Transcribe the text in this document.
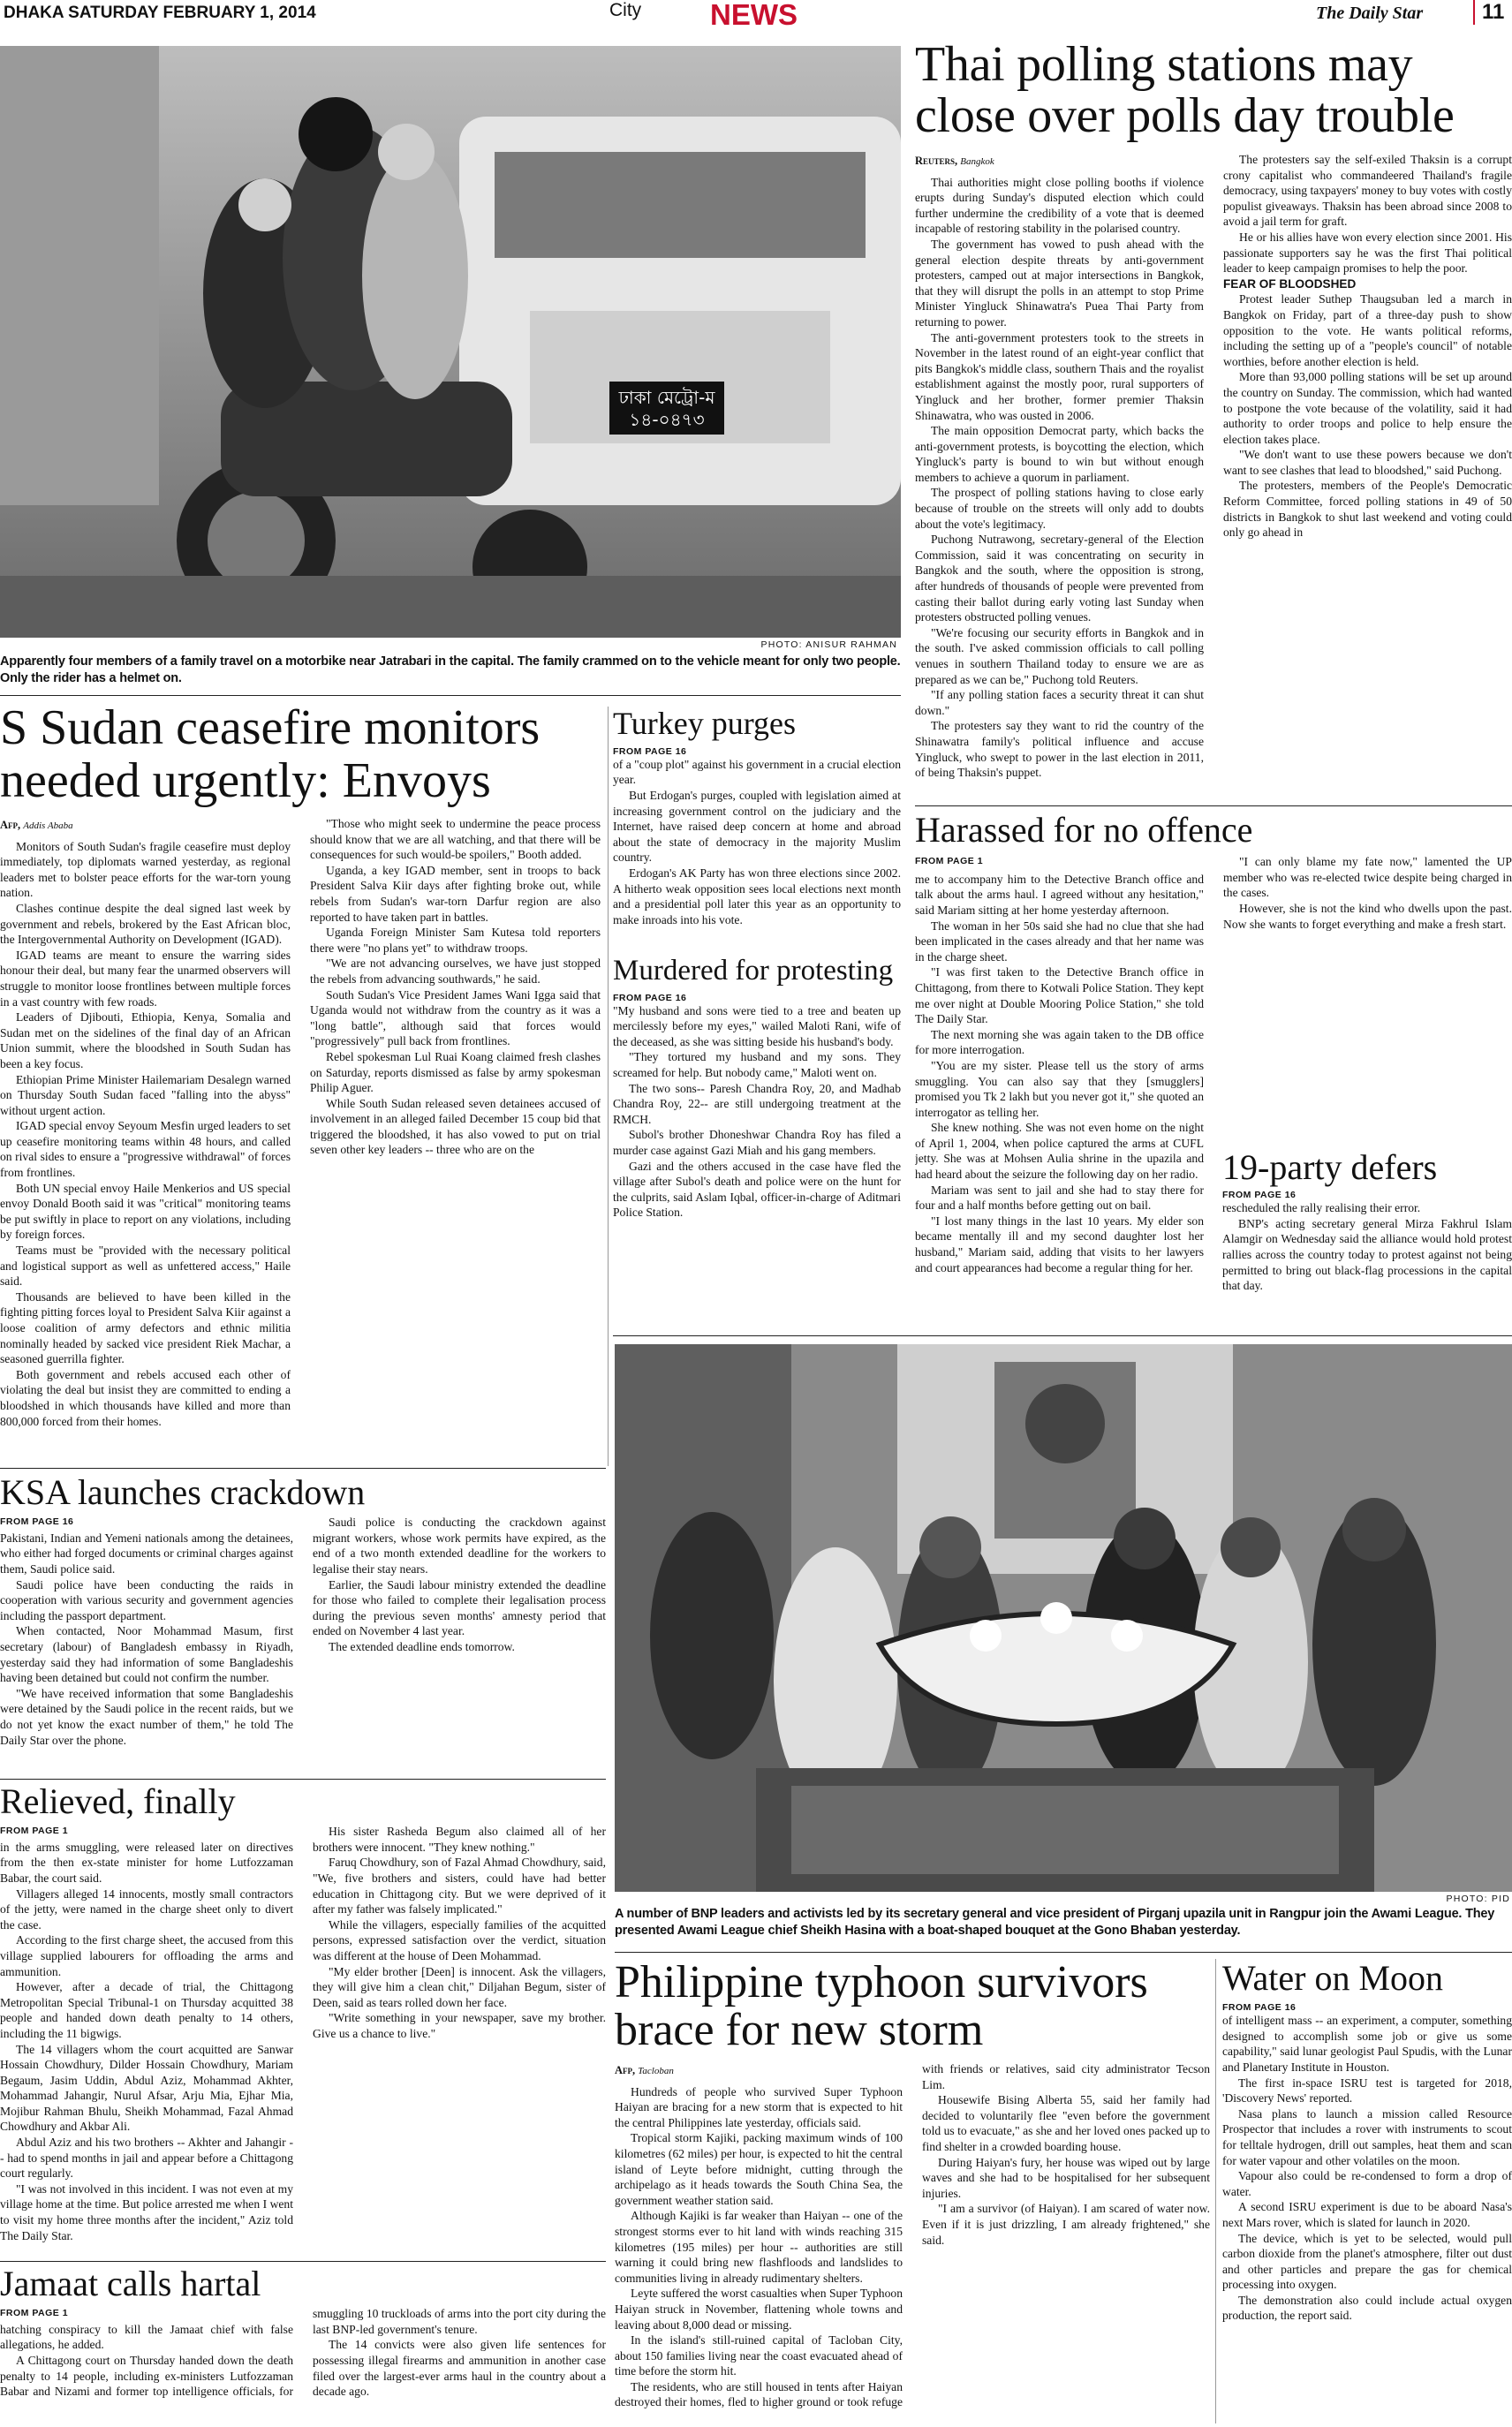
DHAKA SATURDAY FEBRUARY 1, 2014	City NEWS	The Daily Star	11
ঢাকা মেট্রো-ম
১৪-০৪৭৩
PHOTO: ANISUR RAHMAN
Apparently four members of a family travel on a motorbike near Jatrabari in the capital. The family crammed on to the vehicle meant for only two people. Only the rider has a helmet on.
Thai polling stations may close over polls day trouble
Reuters, Bangkok

Thai authorities might close polling booths if violence erupts during Sunday's disputed election which could further undermine the credibility of a vote that is deemed incapable of restoring stability in the polarised country.

The government has vowed to push ahead with the general election despite threats by anti-government protesters, camped out at major intersections in Bangkok, that they will disrupt the polls in an attempt to stop Prime Minister Yingluck Shinawatra's Puea Thai Party from returning to power.

The anti-government protesters took to the streets in November in the latest round of an eight-year conflict that pits Bangkok's middle class, southern Thais and the royalist establishment against the mostly poor, rural supporters of Yingluck and her brother, former premier Thaksin Shinawatra, who was ousted in 2006.

The main opposition Democrat party, which backs the anti-government protests, is boycotting the election, which Yingluck's party is bound to win but without enough members to achieve a quorum in parliament.

The prospect of polling stations having to close early because of trouble on the streets will only add to doubts about the vote's legitimacy.

Puchong Nutrawong, secretary-general of the Election Commission, said it was concentrating on security in Bangkok and the south, where the opposition is strong, after hundreds of thousands of people were prevented from casting their ballot during early voting last Sunday when protesters obstructed polling venues.

"We're focusing our security efforts in Bangkok and in the south. I've asked commission officials to call polling venues in southern Thailand today to ensure we are as prepared as we can be," Puchong told Reuters.

"If any polling station faces a security threat it can shut down."

The protesters say they want to rid the country of the Shinawatra family's political influence and accuse Yingluck, who swept to power in the last election in 2011, of being Thaksin's puppet.

The protesters say the self-exiled Thaksin is a corrupt crony capitalist who commandeered Thailand's fragile democracy, using taxpayers' money to buy votes with costly populist giveaways. Thaksin has been abroad since 2008 to avoid a jail term for graft.

He or his allies have won every election since 2001. His passionate supporters say he was the first Thai political leader to keep campaign promises to help the poor.

FEAR OF BLOODSHED

Protest leader Suthep Thaugsuban led a march in Bangkok on Friday, part of a three-day push to show opposition to the vote. He wants political reforms, including the setting up of a "people's council" of notable worthies, before another election is held.

More than 93,000 polling stations will be set up around the country on Sunday. The commission, which had wanted to postpone the vote because of the volatility, said it had authority to order troops and police to help ensure the election takes place.

"We don't want to use these powers because we don't want to see clashes that lead to bloodshed," said Puchong.

The protesters, members of the People's Democratic Reform Committee, forced polling stations in 49 of 50 districts in Bangkok to shut last weekend and voting could only go ahead in

S Sudan ceasefire monitors needed urgently: Envoys
Afp, Addis Ababa

Monitors of South Sudan's fragile ceasefire must deploy immediately, top diplomats warned yesterday, as regional leaders met to bolster peace efforts for the war-torn young nation.

Clashes continue despite the deal signed last week by government and rebels, brokered by the East African bloc, the Intergovernmental Authority on Development (IGAD).

IGAD teams are meant to ensure the warring sides honour their deal, but many fear the unarmed observers will struggle to monitor loose frontlines between multiple forces in a vast country with few roads.

Leaders of Djibouti, Ethiopia, Kenya, Somalia and Sudan met on the sidelines of the final day of an African Union summit, where the bloodshed in South Sudan has been a key focus.

Ethiopian Prime Minister Hailemariam Desalegn warned on Thursday South Sudan faced "falling into the abyss" without urgent action.

IGAD special envoy Seyoum Mesfin urged leaders to set up ceasefire monitoring teams within 48 hours, and called on rival sides to ensure a "progressive withdrawal" of forces from frontlines.

Both UN special envoy Haile Menkerios and US special envoy Donald Booth said it was "critical" monitoring teams be put swiftly in place to report on any violations, including by foreign forces.

Teams must be "provided with the necessary political and logistical support as well as unfettered access," Haile said.

Thousands are believed to have been killed in the fighting pitting forces loyal to President Salva Kiir against a loose coalition of army defectors and ethnic militia nominally headed by sacked vice president Riek Machar, a seasoned guerrilla fighter.

Both government and rebels accused each other of violating the deal but insist they are committed to ending a bloodshed in which thousands have killed and more than 800,000 forced from their homes.

"Those who might seek to undermine the peace process should know that we are all watching, and that there will be consequences for such would-be spoilers," Booth added.

Uganda, a key IGAD member, sent in troops to back President Salva Kiir days after fighting broke out, while rebels from Sudan's war-torn Darfur region are also reported to have taken part in battles.

Uganda Foreign Minister Sam Kutesa told reporters there were "no plans yet" to withdraw troops.

"We are not advancing ourselves, we have just stopped the rebels from advancing southwards," he said.

South Sudan's Vice President James Wani Igga said that Uganda would not withdraw from the country as it was a "long battle", although said that forces would "progressively" pull back from frontlines.

Rebel spokesman Lul Ruai Koang claimed fresh clashes on Saturday, reports dismissed as false by army spokesman Philip Aguer.

While South Sudan released seven detainees accused of involvement in an alleged failed December 15 coup bid that triggered the bloodshed, it has also vowed to put on trial seven other key leaders -- three who are on the

Turkey purges
FROM PAGE 16

of a "coup plot" against his government in a crucial election year.

But Erdogan's purges, coupled with legislation aimed at increasing government control on the judiciary and the Internet, have raised deep concern at home and abroad about the state of democracy in the majority Muslim country.

Erdogan's AK Party has won three elections since 2002. A hitherto weak opposition sees local elections next month and a presidential poll later this year as an opportunity to make inroads into his vote.

Murdered for protesting
FROM PAGE 16

"My husband and sons were tied to a tree and beaten up mercilessly before my eyes," wailed Maloti Rani, wife of the deceased, as she was sitting beside his husband's body.

"They tortured my husband and my sons. They screamed for help. But nobody came," Maloti went on.

The two sons-- Paresh Chandra Roy, 20, and Madhab Chandra Roy, 22-- are still undergoing treatment at the RMCH.

Subol's brother Dhoneshwar Chandra Roy has filed a murder case against Gazi Miah and his gang members.

Gazi and the others accused in the case have fled the village after Subol's death and police were on the hunt for the culprits, said Aslam Iqbal, officer-in-charge of Aditmari Police Station.

Harassed for no offence
FROM PAGE 1

me to accompany him to the Detective Branch office and talk about the arms haul. I agreed without any hesitation," said Mariam sitting at her home yesterday afternoon.

The woman in her 50s said she had no clue that she had been implicated in the cases already and that her name was in the charge sheet.

"I was first taken to the Detective Branch office in Chittagong, from there to Kotwali Police Station. They kept me over night at Double Mooring Police Station," she told The Daily Star.

The next morning she was again taken to the DB office for more interrogation.

"You are my sister. Please tell us the story of arms smuggling. You can also say that they [smugglers] promised you Tk 2 lakh but you never got it," she quoted an interrogator as telling her.

She knew nothing. She was not even home on the night of April 1, 2004, when police captured the arms at CUFL jetty. She was at Mohsen Aulia shrine in the upazila and had heard about the seizure the following day on her radio.

Mariam was sent to jail and she had to stay there for four and a half months before getting out on bail.

"I lost many things in the last 10 years. My elder son became mentally ill and my second daughter lost her husband," Mariam said, adding that visits to her lawyers and court appearances had become a regular thing for her.

"I can only blame my fate now," lamented the UP member who was re-elected twice despite being charged in the cases.

However, she is not the kind who dwells upon the past. Now she wants to forget everything and make a fresh start.

19-party defers
FROM PAGE 16

rescheduled the rally realising their error.

BNP's acting secretary general Mirza Fakhrul Islam Alamgir on Wednesday said the alliance would hold protest rallies across the country today to protest against not being permitted to bring out black-flag processions in the capital that day.

KSA launches crackdown
FROM PAGE 16

Pakistani, Indian and Yemeni nationals among the detainees, who either had forged documents or criminal charges against them, Saudi police said.

Saudi police have been conducting the raids in cooperation with various security and government agencies including the passport department.

When contacted, Noor Mohammad Masum, first secretary (labour) of Bangladesh embassy in Riyadh, yesterday said they had information of some Bangladeshis having been detained but could not confirm the number.

"We have received information that some Bangladeshis were detained by the Saudi police in the recent raids, but we do not yet know the exact number of them," he told The Daily Star over the phone.

Saudi police is conducting the crackdown against migrant workers, whose work permits have expired, as the end of a two month extended deadline for the workers to legalise their stay nears.

Earlier, the Saudi labour ministry extended the deadline for those who failed to complete their legalisation process during the previous seven months' amnesty period that ended on November 4 last year.

The extended deadline ends tomorrow.

Relieved, finally
FROM PAGE 1

in the arms smuggling, were released later on directives from the then ex-state minister for home Lutfozzaman Babar, the court said.

Villagers alleged 14 innocents, mostly small contractors of the jetty, were named in the charge sheet only to divert the case.

According to the first charge sheet, the accused from this village supplied labourers for offloading the arms and ammunition.

However, after a decade of trial, the Chittagong Metropolitan Special Tribunal-1 on Thursday acquitted 38 people and handed down death penalty to 14 others, including the 11 bigwigs.

The 14 villagers whom the court acquitted are Sanwar Hossain Chowdhury, Dilder Hossain Chowdhury, Mariam Begaum, Jasim Uddin, Abdul Aziz, Mohammad Akhter, Mohammad Jahangir, Nurul Afsar, Arju Mia, Ejhar Mia, Mojibur Rahman Bhulu, Sheikh Mohammad, Fazal Ahmad Chowdhury and Akbar Ali.

Abdul Aziz and his two brothers -- Akhter and Jahangir -- had to spend months in jail and appear before a Chittagong court regularly.

"I was not involved in this incident. I was not even at my village home at the time. But police arrested me when I went to visit my home three months after the incident," Aziz told The Daily Star.

His sister Rasheda Begum also claimed all of her brothers were innocent. "They knew nothing."

Faruq Chowdhury, son of Fazal Ahmad Chowdhury, said, "We, five brothers and sisters, could have had better education in Chittagong city. But we were deprived of it after my father was falsely implicated."

While the villagers, especially families of the acquitted persons, expressed satisfaction over the verdict, situation was different at the house of Deen Mohammad.

"My elder brother [Deen] is innocent. Ask the villagers, they will give him a clean chit," Diljahan Begum, sister of Deen, said as tears rolled down her face.

"Write something in your newspaper, save my brother. Give us a chance to live."

Jamaat calls hartal
FROM PAGE 1

hatching conspiracy to kill the Jamaat chief with false allegations, he added.

A Chittagong court on Thursday handed down the death penalty to 14 people, including ex-ministers Lutfozzaman Babar and Nizami and former top intelligence officials, for smuggling 10 truckloads of arms into the port city during the last BNP-led government's tenure.

The 14 convicts were also given life sentences for possessing illegal firearms and ammunition in another case filed over the largest-ever arms haul in the country about a decade ago.

PHOTO: PID
A number of BNP leaders and activists led by its secretary general and vice president of Pirganj upazila unit in Rangpur join the Awami League. They presented Awami League chief Sheikh Hasina with a boat-shaped bouquet at the Gono Bhaban yesterday.
Philippine typhoon survivors brace for new storm
Afp, Tacloban

Hundreds of people who survived Super Typhoon Haiyan are bracing for a new storm that is expected to hit the central Philippines late yesterday, officials said.

Tropical storm Kajiki, packing maximum winds of 100 kilometres (62 miles) per hour, is expected to hit the central island of Leyte before midnight, cutting through the archipelago as it heads towards the South China Sea, the government weather station said.

Although Kajiki is far weaker than Haiyan -- one of the strongest storms ever to hit land with winds reaching 315 kilometres (195 miles) per hour -- authorities are still warning it could bring new flashfloods and landslides to communities living in already rudimentary shelters.

Leyte suffered the worst casualties when Super Typhoon Haiyan struck in November, flattening whole towns and leaving about 8,000 dead or missing.

In the island's still-ruined capital of Tacloban City, about 150 families living near the coast evacuated ahead of time before the storm hit.

The residents, who are still housed in tents after Haiyan destroyed their homes, fled to higher ground or took refuge with friends or relatives, said city administrator Tecson Lim.

Housewife Bising Alberta 55, said her family had decided to voluntarily flee "even before the government told us to evacuate," as she and her loved ones packed up to find shelter in a crowded boarding house.

During Haiyan's fury, her house was wiped out by large waves and she had to be hospitalised for her subsequent injuries.

"I am a survivor (of Haiyan). I am scared of water now. Even if it is just drizzling, I am already frightened," she said.

Water on Moon
FROM PAGE 16

of intelligent mass -- an experiment, a computer, something designed to accomplish some job or give us some capability," said lunar geologist Paul Spudis, with the Lunar and Planetary Institute in Houston.

The first in-space ISRU test is targeted for 2018, 'Discovery News' reported.

Nasa plans to launch a mission called Resource Prospector that includes a rover with instruments to scout for telltale hydrogen, drill out samples, heat them and scan for water vapour and other volatiles on the moon.

Vapour also could be re-condensed to form a drop of water.

A second ISRU experiment is due to be aboard Nasa's next Mars rover, which is slated for launch in 2020.

The device, which is yet to be selected, would pull carbon dioxide from the planet's atmosphere, filter out dust and other particles and prepare the gas for chemical processing into oxygen.

The demonstration also could include actual oxygen production, the report said.
